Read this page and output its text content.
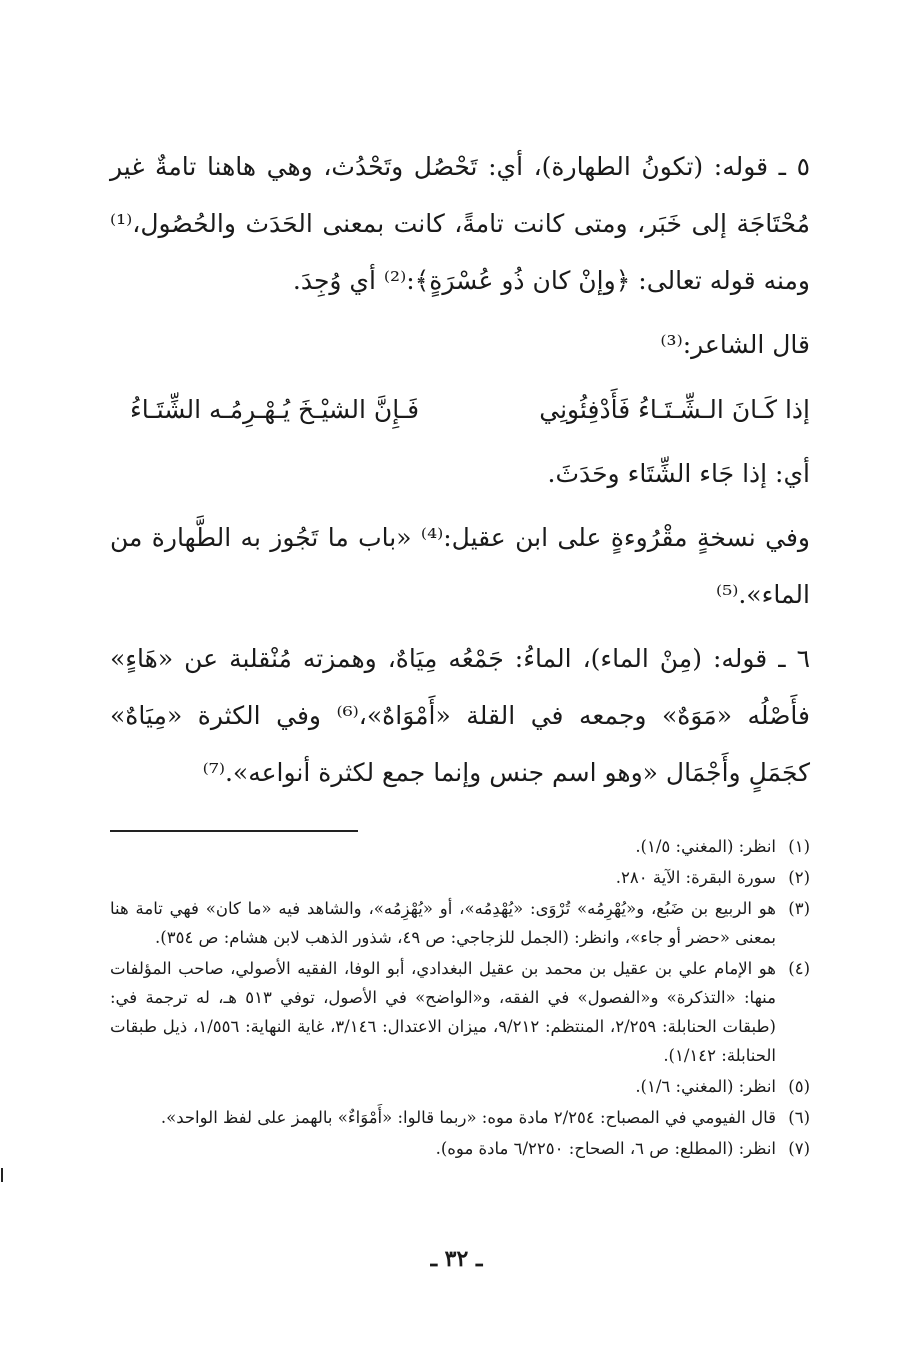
٥ ـ قوله: (تكونُ الطهارة)، أي: تَحْصُل وتَحْدُث، وهي هاهنا تامةٌ غير مُحْتَاجَة إلى خَبَر، ومتى كانت تامةً، كانت بمعنى الحَدَث والحُصُول،⁽¹⁾ ومنه قوله تعالى: ﴿وإنْ كان ذُو عُسْرَةٍ﴾:⁽²⁾ أي وُجِدَ.

قال الشاعر:⁽³⁾

إذا كَـانَ الـشِّـتَـاءُ فَأَدْفِئُونِي
فَـإِنَّ الشيْـخَ يُـهْـرِمُـه الشِّتَـاءُ

أي: إذا جَاء الشِّتَاء وحَدَثَ.

وفي نسخةٍ مقْرُوءةٍ على ابن عقيل:⁽⁴⁾ «باب ما تَجُوز به الطَّهارة من الماء».⁽⁵⁾

٦ ـ قوله: (مِنْ الماء)، الماءُ: جَمْعُه مِيَاهٌ، وهمزته مُنْقلبة عن «هَاءٍ» فأَصْلُه «مَوَهٌ» وجمعه في القلة «أَمْوَاهٌ»،⁽⁶⁾ وفي الكثرة «مِيَاهٌ» كجَمَلٍ وأَجْمَال «وهو اسم جنس وإنما جمع لكثرة أنواعه».⁽⁷⁾

(١)
انظر: (المغني: ١/٥).
(٢)
سورة البقرة: الآية ٢٨٠.
(٣)
هو الربيع بن ضَبُع، و«يُهْرِمُه» تُرْوَى: «يُهْدِمُه»، أو «يُهْزِمُه»، والشاهد فيه «ما كان» فهي تامة هنا بمعنى «حضر أو جاء»، وانظر: (الجمل للزجاجي: ص ٤٩، شذور الذهب لابن هشام: ص ٣٥٤).
(٤)
هو الإمام علي بن عقيل بن محمد بن عقيل البغدادي، أبو الوفا، الفقيه الأصولي، صاحب المؤلفات منها: «التذكرة» و«الفصول» في الفقه، و«الواضح» في الأصول، توفي ٥١٣ هـ، له ترجمة في: (طبقات الحنابلة: ٢/٢٥٩، المنتظم: ٩/٢١٢، ميزان الاعتدال: ٣/١٤٦، غاية النهاية: ١/٥٥٦، ذيل طبقات الحنابلة: ١/١٤٢).
(٥)
انظر: (المغني: ١/٦).
(٦)
قال الفيومي في المصباح: ٢/٢٥٤ مادة موه: «ربما قالوا: «أَمْوَاءٌ» بالهمز على لفظ الواحد».
(٧)
انظر: (المطلع: ص ٦، الصحاح: ٦/٢٢٥٠ مادة موه).
ـ ٣٢ ـ
